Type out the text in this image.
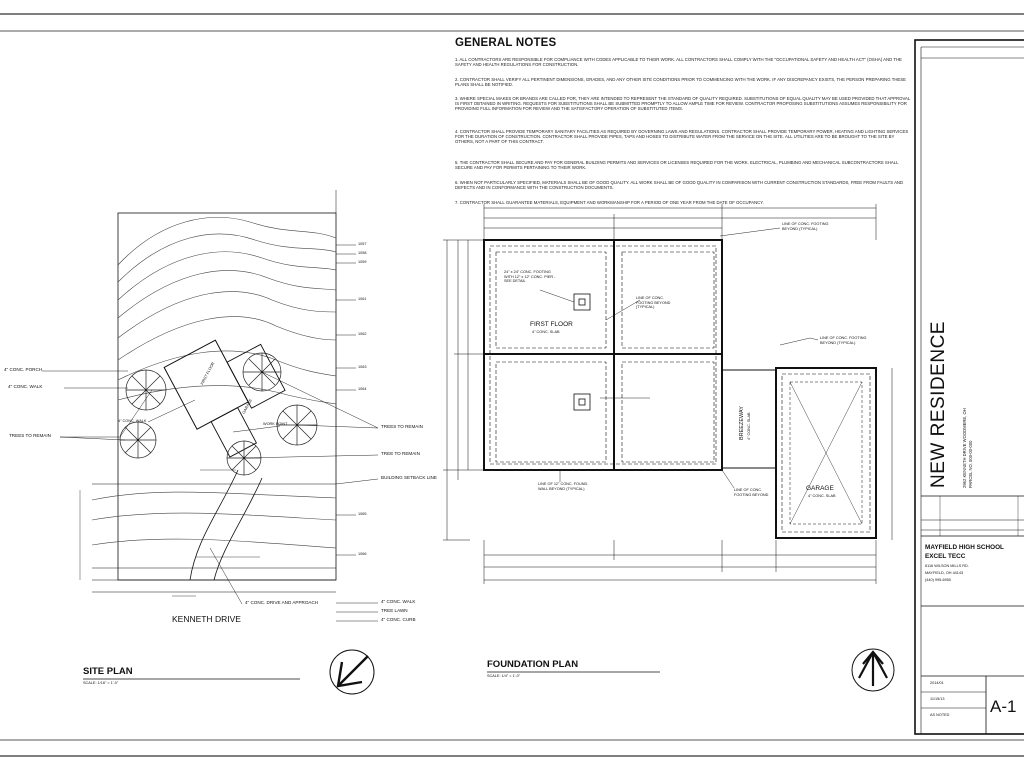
GENERAL NOTES
1. ALL CONTRACTORS ARE RESPONSIBLE FOR COMPLIANCE WITH CODES APPLICABLE TO THEIR WORK. ALL CONTRACTORS SHALL COMPLY WITH THE "OCCUPATIONAL SAFETY AND HEALTH ACT" (OSHA) AND THE SAFETY AND HEALTH REGULATIONS FOR CONSTRUCTION.
2. CONTRACTOR SHALL VERIFY ALL PERTINENT DIMENSIONS, GRADES, AND ANY OTHER SITE CONDITIONS PRIOR TO COMMENCING WITH THE WORK. IF ANY DISCREPANCY EXISTS, THE PERSON PREPARING THESE PLANS SHALL BE NOTIFIED.
3. WHERE SPECIAL MAKES OR BRANDS ARE CALLED FOR, THEY ARE INTENDED TO REPRESENT THE STANDARD OF QUALITY REQUIRED. SUBSTITUTIONS OF EQUAL QUALITY MAY BE USED PROVIDED THAT APPROVAL IS FIRST OBTAINED IN WRITING. REQUESTS FOR SUBSTITUTIONS SHALL BE SUBMITTED PROMPTLY TO ALLOW AMPLE TIME FOR REVIEW. CONTRACTOR PROPOSING SUBSTITUTIONS ASSUMES RESPONSIBILITY FOR PROVIDING FULL INFORMATION FOR REVIEW AND THE SATISFACTORY OPERATION OF SUBSTITUTED ITEMS.
4. CONTRACTOR SHALL PROVIDE TEMPORARY SANITARY FACILITIES AS REQUIRED BY GOVERNING LAWS AND REGULATIONS. CONTRACTOR SHALL PROVIDE TEMPORARY POWER, HEATING AND LIGHTING SERVICES FOR THE DURATION OF CONSTRUCTION. CONTRACTOR SHALL PROVIDE PIPES, TAPS AND HOSES TO DISTRIBUTE WATER FROM THE SERVICE ON THE SITE. ALL UTILITIES ARE TO BE BROUGHT TO THE SITE BY OTHERS, NOT A PART OF THIS CONTRACT.
5. THE CONTRACTOR SHALL SECURE AND PAY FOR GENERAL BUILDING PERMITS AND SERVICES OR LICENSES REQUIRED FOR THE WORK. ELECTRICAL, PLUMBING AND MECHANICAL SUBCONTRACTORS SHALL SECURE AND PAY FOR PERMITS PERTAINING TO THEIR WORK.
6. WHEN NOT PARTICULARLY SPECIFIED, MATERIALS SHALL BE OF GOOD QUALITY. ALL WORK SHALL BE OF GOOD QUALITY IN COMPARISON WITH CURRENT CONSTRUCTION STANDARDS, FREE FROM FAULTS AND DEFECTS AND IN CONFORMANCE WITH THE CONSTRUCTION DOCUMENTS.
7. CONTRACTOR SHALL GUARANTEE MATERIALS, EQUIPMENT AND WORKMANSHIP FOR A PERIOD OF ONE YEAR FROM THE DATE OF OCCUPANCY.
4" CONC. PORCH
4" CONC. WALK
TREES TO REMAIN
4" CONC. WALK
WORK POINT	TREES TO REMAIN
TREE TO REMAIN
BUILDING SETBACK LINE
4" CONC. DRIVE AND APPROACH	4" CONC. WALK
TREE LAWN
4" CONC. CURB
FIRST FLOOR
GARAGE
1057
1058
1059
1061
1062
1063
1064
1065
1066
KENNETH DRIVE
SITE PLAN
SCALE: 1/16" = 1'-0"
FIRST FLOOR
4" CONC. SLAB
24" x 24" CONC. FOOTING WITH 12" x 12" CONC. PIER - SEE DETAIL
LINE OF CONC. FOOTING BEYOND (TYPICAL)
LINE OF CONC. FOOTING BEYOND (TYPICAL)
LINE OF CONC. FOOTING BEYOND (TYPICAL)
BREEZEWAY 4" CONC. SLAB
LINE OF 12" CONC. FOUND. WALL BEYOND (TYPICAL)	LINE OF CONC. FOOTING BEYOND
GARAGE
4" CONC. SLAB
FOUNDATION PLAN
SCALE: 1/4" = 1'-0"
NEW RESIDENCE	2962 KENNETH DRIVE WOODMERE, OH PARCEL NO. 000-00-000
MAYFIELD HIGH SCHOOL
EXCEL TECC
6116 WILSON MILLS RD.
MAYFIELD, OH 44143
(440) 995-6950
2014/01
11/15/13
AS NOTED A-1
